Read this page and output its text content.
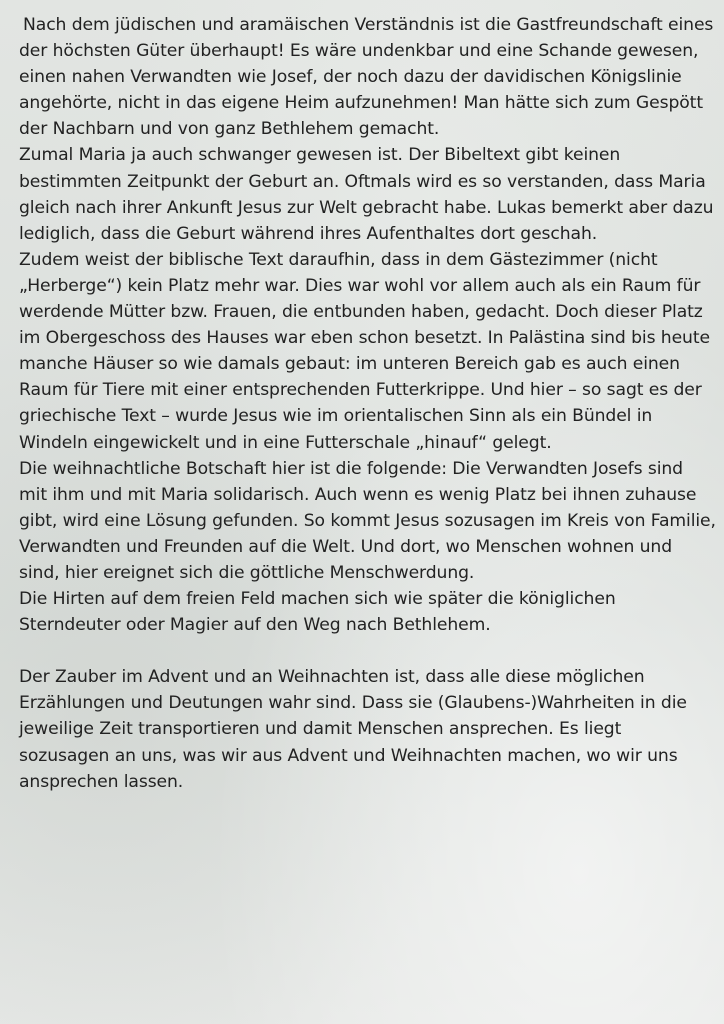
Nach dem jüdischen und aramäischen Verständnis ist die Gastfreundschaft eines der höchsten Güter überhaupt! Es wäre undenkbar und eine Schande gewesen, einen nahen Verwandten wie Josef, der noch dazu der davidischen Königslinie angehörte, nicht in das eigene Heim aufzunehmen! Man hätte sich zum Gespött der Nachbarn und von ganz Bethlehem gemacht.

Zumal Maria ja auch schwanger gewesen ist. Der Bibeltext gibt keinen bestimmten Zeitpunkt der Geburt an. Oftmals wird es so verstanden, dass Maria gleich nach ihrer Ankunft Jesus zur Welt gebracht habe. Lukas bemerkt aber dazu lediglich, dass die Geburt während ihres Aufenthaltes dort geschah.

Zudem weist der biblische Text daraufhin, dass in dem Gästezimmer (nicht „Herberge“) kein Platz mehr war. Dies war wohl vor allem auch als ein Raum für werdende Mütter bzw. Frauen, die entbunden haben, gedacht. Doch dieser Platz im Obergeschoss des Hauses war eben schon besetzt. In Palästina sind bis heute manche Häuser so wie damals gebaut: im unteren Bereich gab es auch einen Raum für Tiere mit einer entsprechenden Futterkrippe. Und hier – so sagt es der griechische Text – wurde Jesus wie im orientalischen Sinn als ein Bündel in Windeln eingewickelt und in eine Futterschale „hinauf“ gelegt.

Die weihnachtliche Botschaft hier ist die folgende: Die Verwandten Josefs sind mit ihm und mit Maria solidarisch. Auch wenn es wenig Platz bei ihnen zuhause gibt, wird eine Lösung gefunden. So kommt Jesus sozusagen im Kreis von Familie, Verwandten und Freunden auf die Welt. Und dort, wo Menschen wohnen und sind, hier ereignet sich die göttliche Menschwerdung.

Die Hirten auf dem freien Feld machen sich wie später die königlichen Sterndeuter oder Magier auf den Weg nach Bethlehem.

Der Zauber im Advent und an Weihnachten ist, dass alle diese möglichen Erzählungen und Deutungen wahr sind. Dass sie (Glaubens-)Wahrheiten in die jeweilige Zeit transportieren und damit Menschen ansprechen. Es liegt sozusagen an uns, was wir aus Advent und Weihnachten machen, wo wir uns ansprechen lassen.
